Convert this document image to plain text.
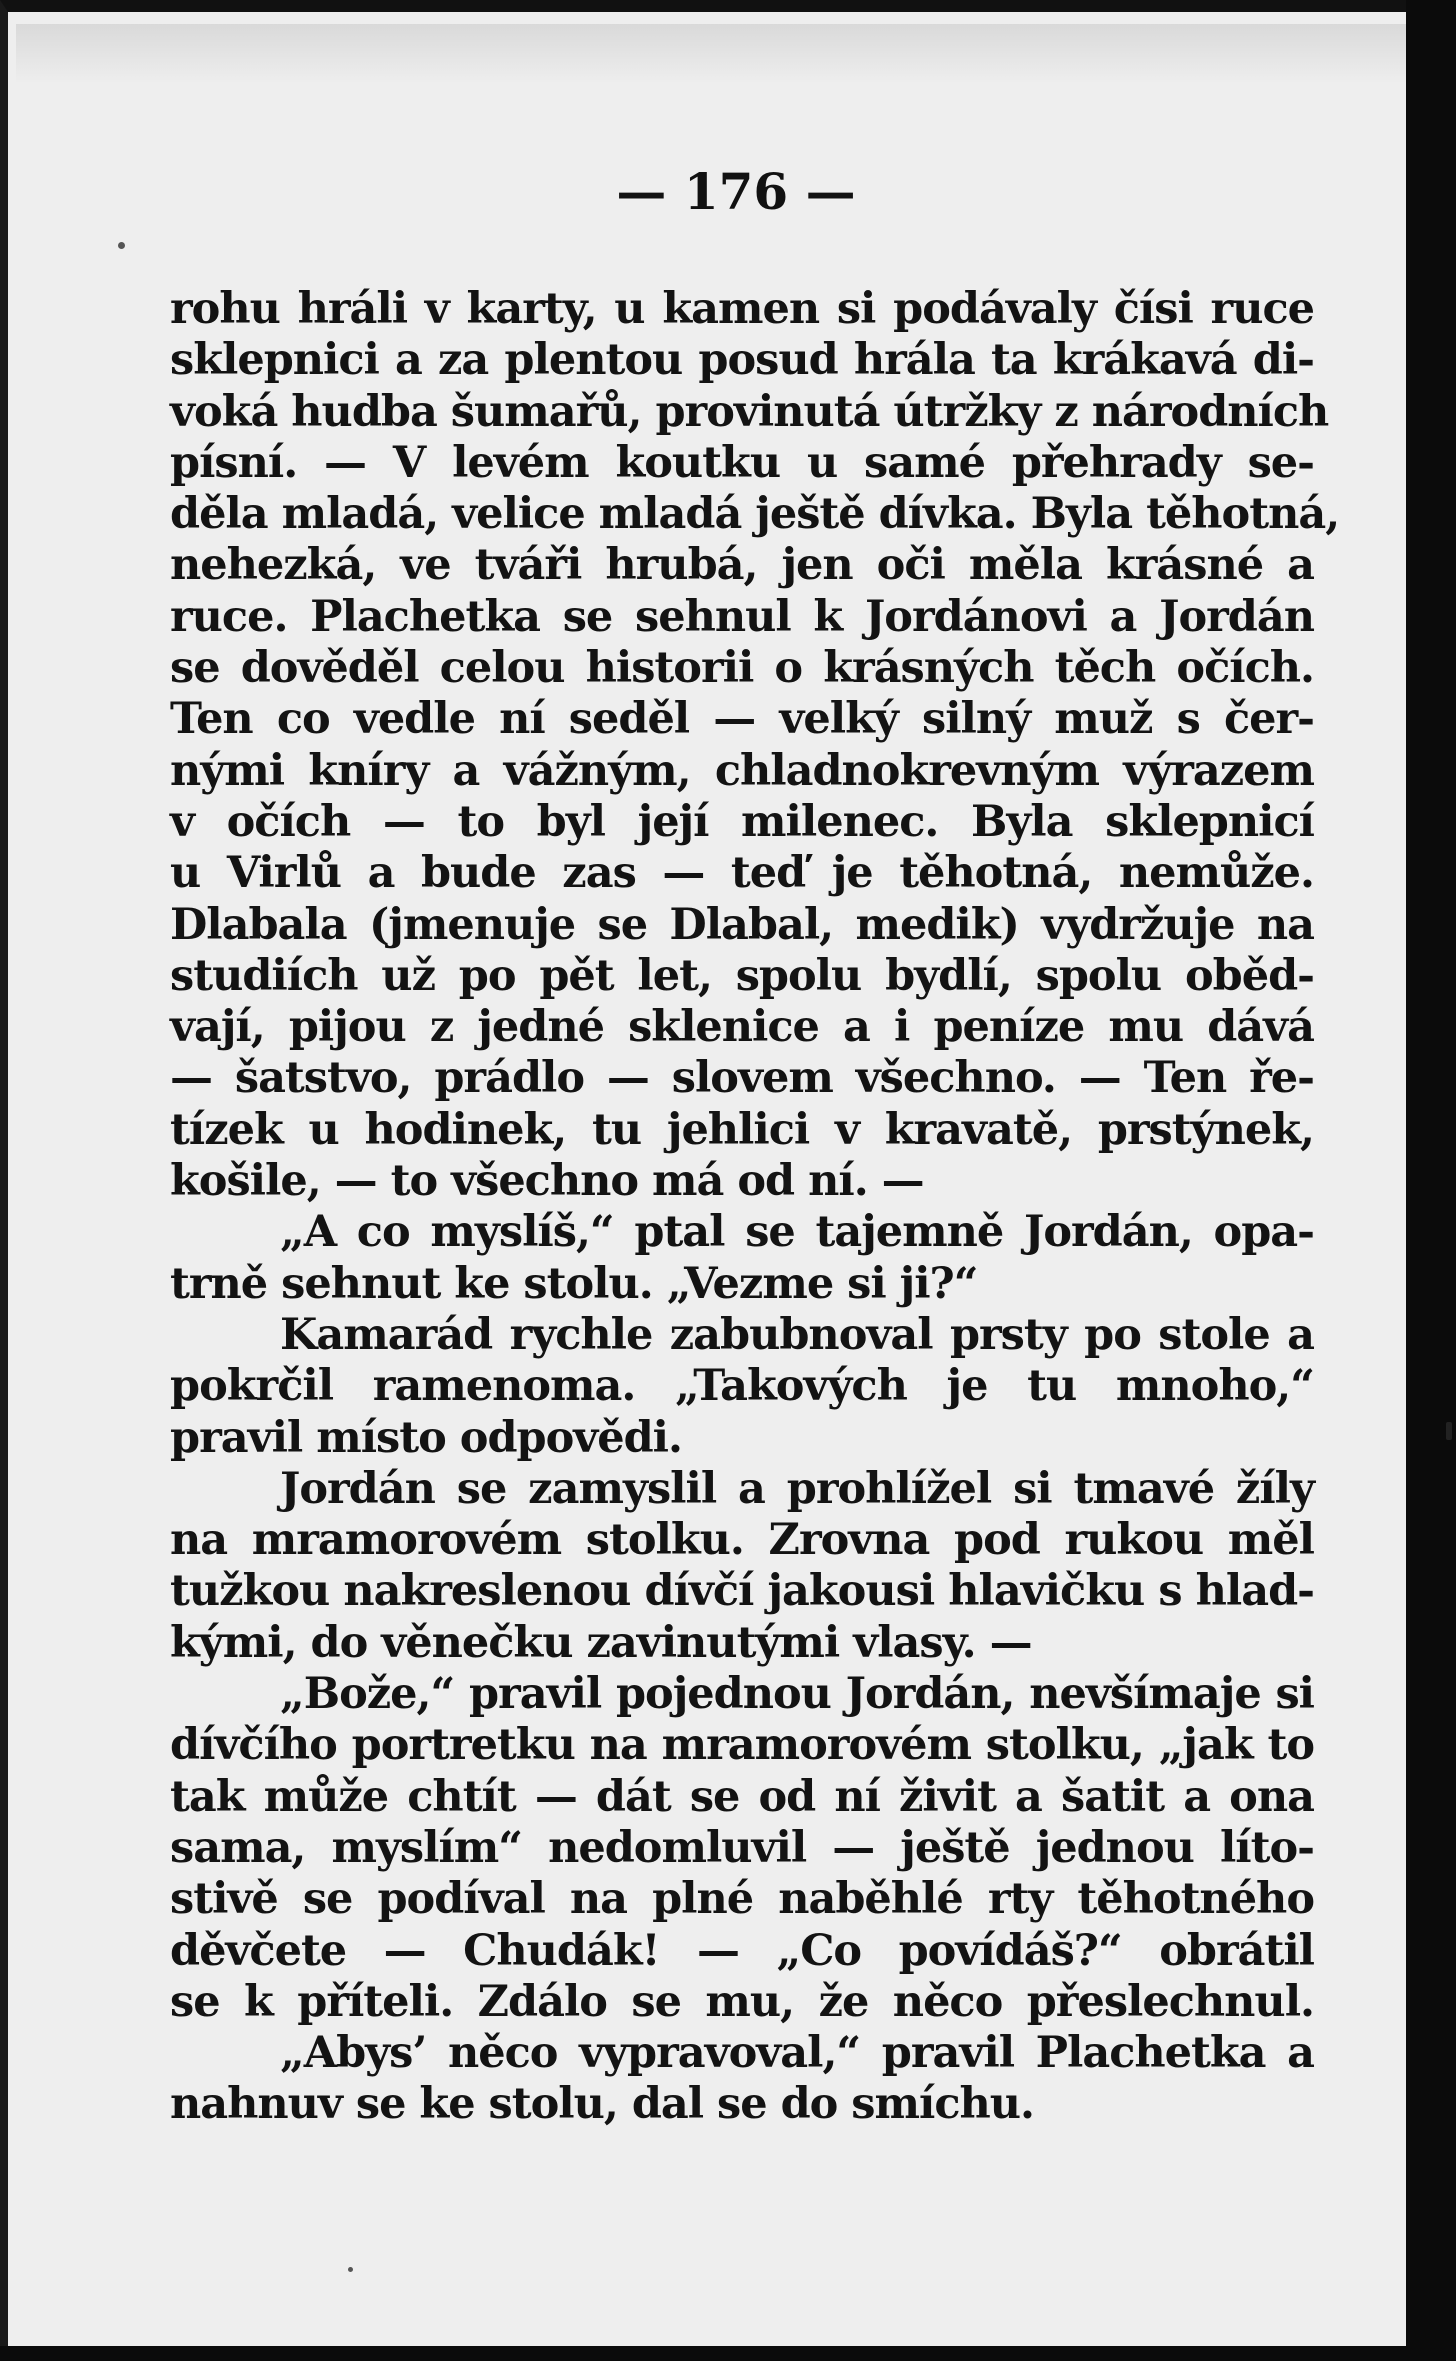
— 176 —
rohu hráli v karty, u kamen si podávaly čísi ruce
sklepnici a za plentou posud hrála ta krákavá di-
voká hudba šumařů, provinutá útržky z národních
písní. — V levém koutku u samé přehrady se-
děla mladá, velice mladá ještě dívka. Byla těhotná,
nehezká, ve tváři hrubá, jen oči měla krásné a
ruce. Plachetka se sehnul k Jordánovi a Jordán
se dověděl celou historii o krásných těch očích.
Ten co vedle ní seděl — velký silný muž s čer-
nými kníry a vážným, chladnokrevným výrazem
v očích — to byl její milenec. Byla sklepnicí
u Virlů a bude zas — teď je těhotná, nemůže.
Dlabala (jmenuje se Dlabal, medik) vydržuje na
studiích už po pět let, spolu bydlí, spolu oběd-
vají, pijou z jedné sklenice a i peníze mu dává
— šatstvo, prádlo — slovem všechno. — Ten ře-
tízek u hodinek, tu jehlici v kravatě, prstýnek,
košile, — to všechno má od ní. —
„A co myslíš,“ ptal se tajemně Jordán, opa-
trně sehnut ke stolu. „Vezme si ji?“
Kamarád rychle zabubnoval prsty po stole a
pokrčil ramenoma. „Takových je tu mnoho,“
pravil místo odpovědi.
Jordán se zamyslil a prohlížel si tmavé žíly
na mramorovém stolku. Zrovna pod rukou měl
tužkou nakreslenou dívčí jakousi hlavičku s hlad-
kými, do věnečku zavinutými vlasy. —
„Bože,“ pravil pojednou Jordán, nevšímaje si
dívčího portretku na mramorovém stolku, „jak to
tak může chtít — dát se od ní živit a šatit a ona
sama, myslím“ nedomluvil — ještě jednou líto-
stivě se podíval na plné naběhlé rty těhotného
děvčete — Chudák! — „Co povídáš?“ obrátil
se k příteli. Zdálo se mu, že něco přeslechnul.
„Abys’ něco vypravoval,“ pravil Plachetka a
nahnuv se ke stolu, dal se do smíchu.
